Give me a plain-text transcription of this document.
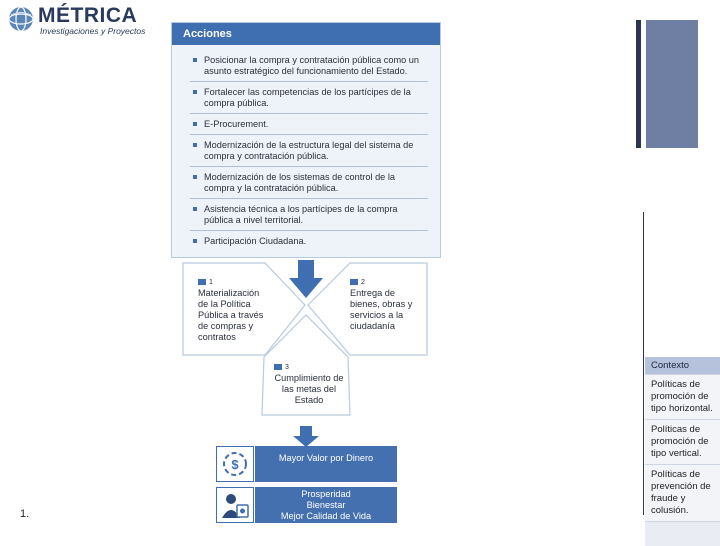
MÉTRICA
Investigaciones y Proyectos	Acciones
Posicionar la compra y contratación pública como un asunto estratégico del funcionamiento del Estado.
Fortalecer las competencias de los partícipes de la compra pública.
E-Procurement.
Modernización de la estructura legal del sistema de compra y contratación pública.
Modernización de los sistemas de control de la compra y la contratación pública.
Asistencia técnica a los partícipes de la compra pública a nivel territorial.
Participación Ciudadana.
1
Materialización de la Política Pública a través de compras y contratos
2
Entrega de bienes, obras y servicios a la ciudadanía
3
Cumplimiento de las metas del Estado
$	Mayor Valor por Dinero
Prosperidad
Bienestar
Mejor Calidad de Vida
Contexto
Políticas de promoción de tipo horizontal.
Políticas de promoción de tipo vertical.
Políticas de prevención de fraude y colusión.
1.
